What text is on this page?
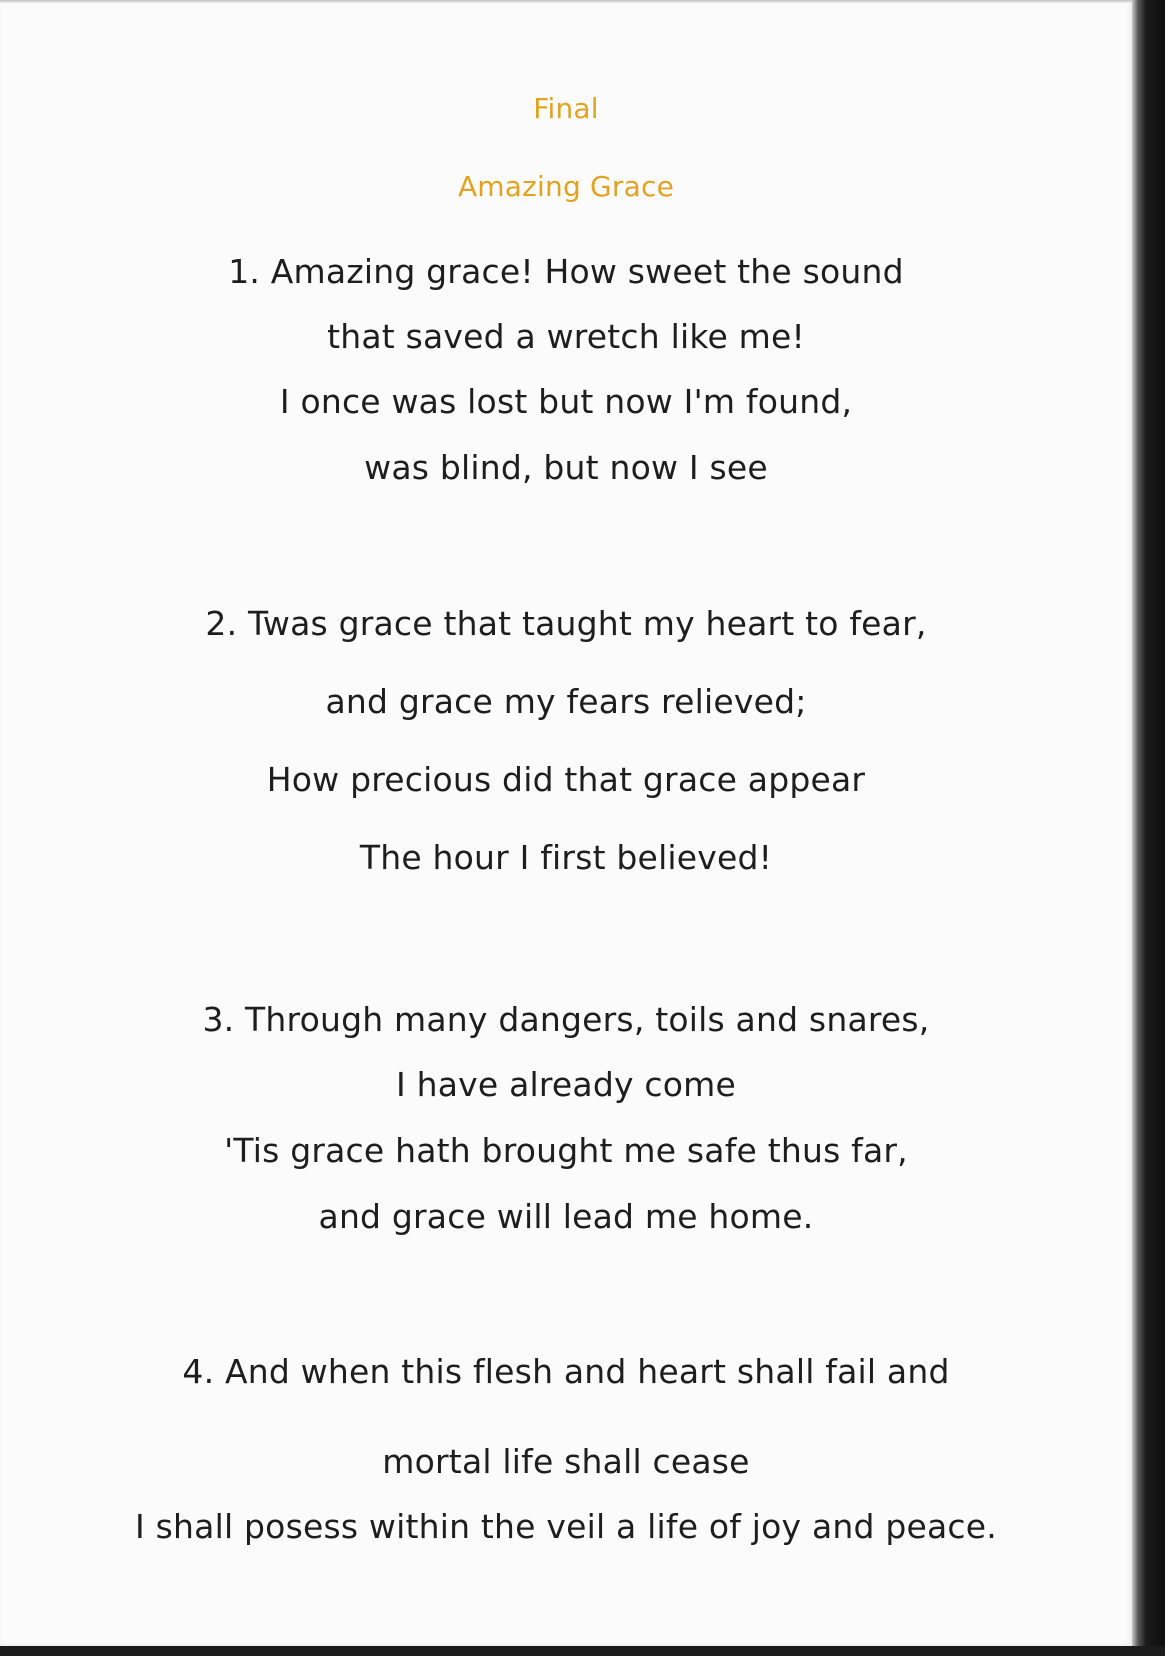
Final
Amazing Grace
1. Amazing grace! How sweet the sound
that saved a wretch like me!
I once was lost but now I'm found,
was blind, but now I see
2. Twas grace that taught my heart to fear,
and grace my fears relieved;
How precious did that grace appear
The hour I first believed!
3. Through many dangers, toils and snares,
I have already come
'Tis grace hath brought me safe thus far,
and grace will lead me home.
4. And when this flesh and heart shall fail and
mortal life shall cease
I shall posess within the veil a life of joy and peace.
